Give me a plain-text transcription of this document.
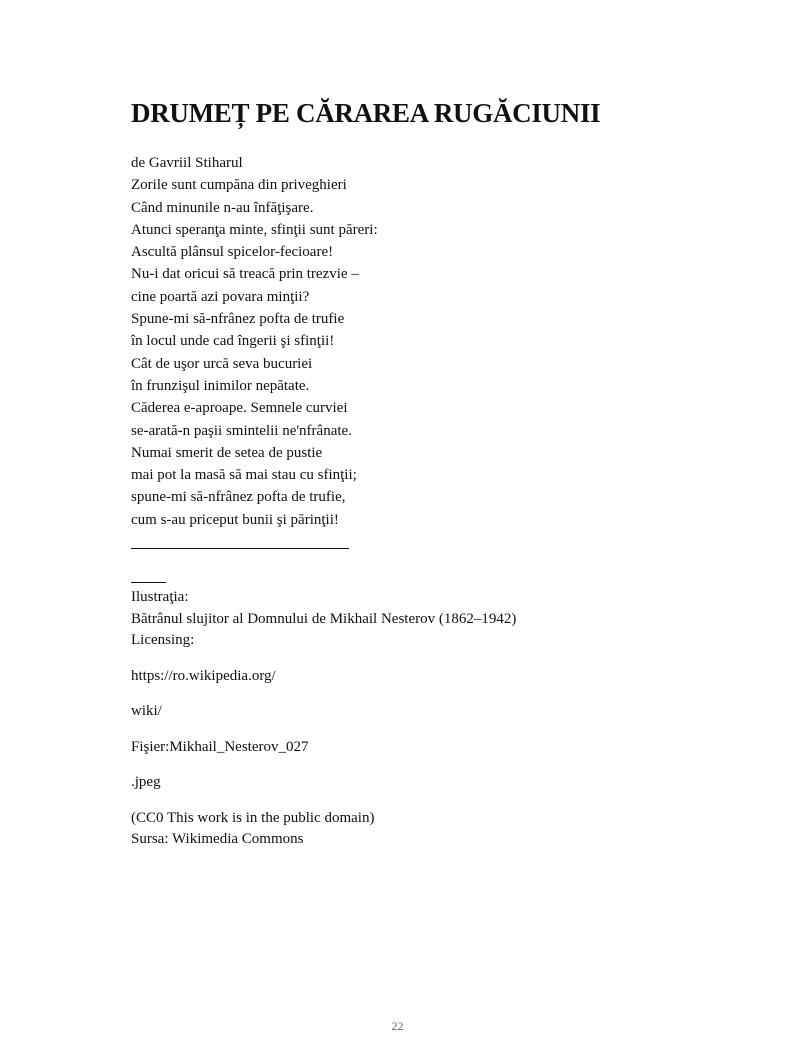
DRUMEȚ PE CĂRAREA RUGĂCIUNII
de Gavriil Stiharul
Zorile sunt cumpăna din priveghieri
Când minunile n-au înfăţişare.
Atunci speranţa minte, sfinţii sunt păreri:
Ascultă plânsul spicelor-fecioare!
Nu-i dat oricui să treacă prin trezvie –
cine poartă azi povara minţii?
Spune-mi să-nfrânez pofta de trufie
în locul unde cad îngerii şi sfinţii!
Cât de uşor urcă seva bucuriei
în frunzişul inimilor nepătate.
Căderea e-aproape. Semnele curviei
se-arată-n paşii smintelii ne'nfrânate.
Numai smerit de setea de pustie
mai pot la masă să mai stau cu sfinţii;
spune-mi să-nfrânez pofta de trufie,
cum s-au priceput bunii şi părinţii!
Ilustraţia:
Bătrânul slujitor al Domnului de Mikhail Nesterov (1862–1942)
Licensing:
https://ro.wikipedia.org/
wiki/
Fişier:Mikhail_Nesterov_027
.jpeg
(CC0 This work is in the public domain)
Sursa: Wikimedia Commons
22
